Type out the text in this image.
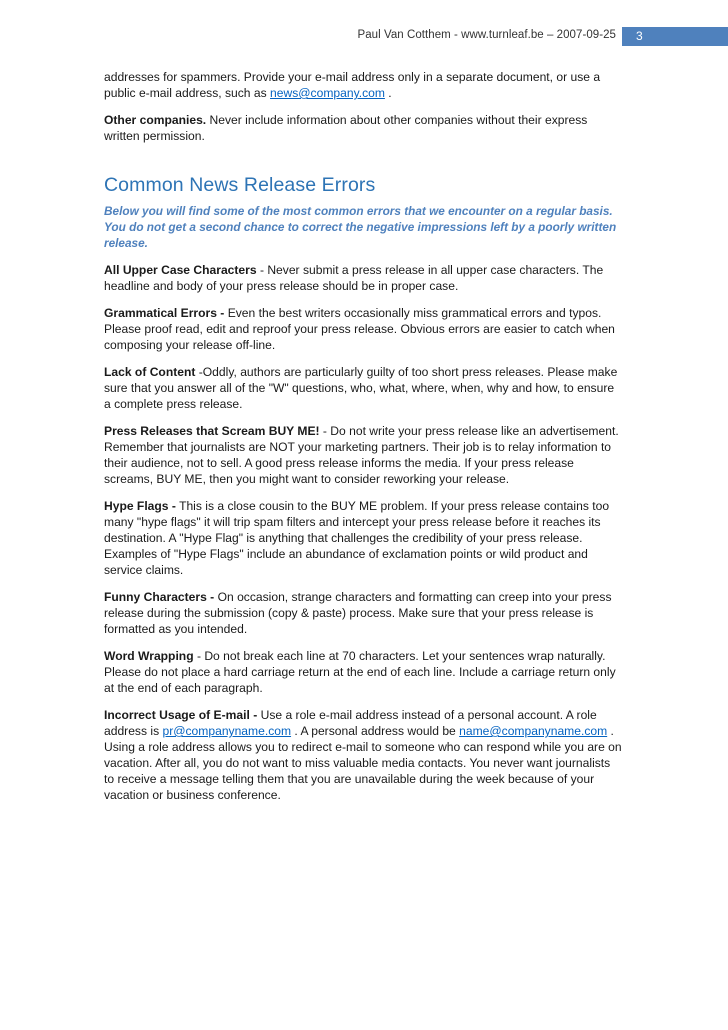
Paul Van Cotthem - www.turnleaf.be – 2007-09-25	3

addresses for spammers. Provide your e-mail address only in a separate document, or use a public e-mail address, such as news@company.com .

Other companies. Never include information about other companies without their express written permission.

Common News Release Errors

Below you will find some of the most common errors that we encounter on a regular basis. You do not get a second chance to correct the negative impressions left by a poorly written release.

All Upper Case Characters - Never submit a press release in all upper case characters. The headline and body of your press release should be in proper case.

Grammatical Errors - Even the best writers occasionally miss grammatical errors and typos. Please proof read, edit and reproof your press release. Obvious errors are easier to catch when composing your release off-line.

Lack of Content -Oddly, authors are particularly guilty of too short press releases. Please make sure that you answer all of the "W" questions, who, what, where, when, why and how, to ensure a complete press release.

Press Releases that Scream BUY ME! - Do not write your press release like an advertisement. Remember that journalists are NOT your marketing partners. Their job is to relay information to their audience, not to sell. A good press release informs the media. If your press release screams, BUY ME, then you might want to consider reworking your release.

Hype Flags - This is a close cousin to the BUY ME problem. If your press release contains too many "hype flags" it will trip spam filters and intercept your press release before it reaches its destination. A "Hype Flag" is anything that challenges the credibility of your press release. Examples of "Hype Flags" include an abundance of exclamation points or wild product and service claims.

Funny Characters - On occasion, strange characters and formatting can creep into your press release during the submission (copy & paste) process. Make sure that your press release is formatted as you intended.

Word Wrapping - Do not break each line at 70 characters. Let your sentences wrap naturally. Please do not place a hard carriage return at the end of each line. Include a carriage return only at the end of each paragraph.

Incorrect Usage of E-mail - Use a role e-mail address instead of a personal account. A role address is pr@companyname.com . A personal address would be name@companyname.com . Using a role address allows you to redirect e-mail to someone who can respond while you are on vacation. After all, you do not want to miss valuable media contacts. You never want journalists to receive a message telling them that you are unavailable during the week because of your vacation or business conference.
